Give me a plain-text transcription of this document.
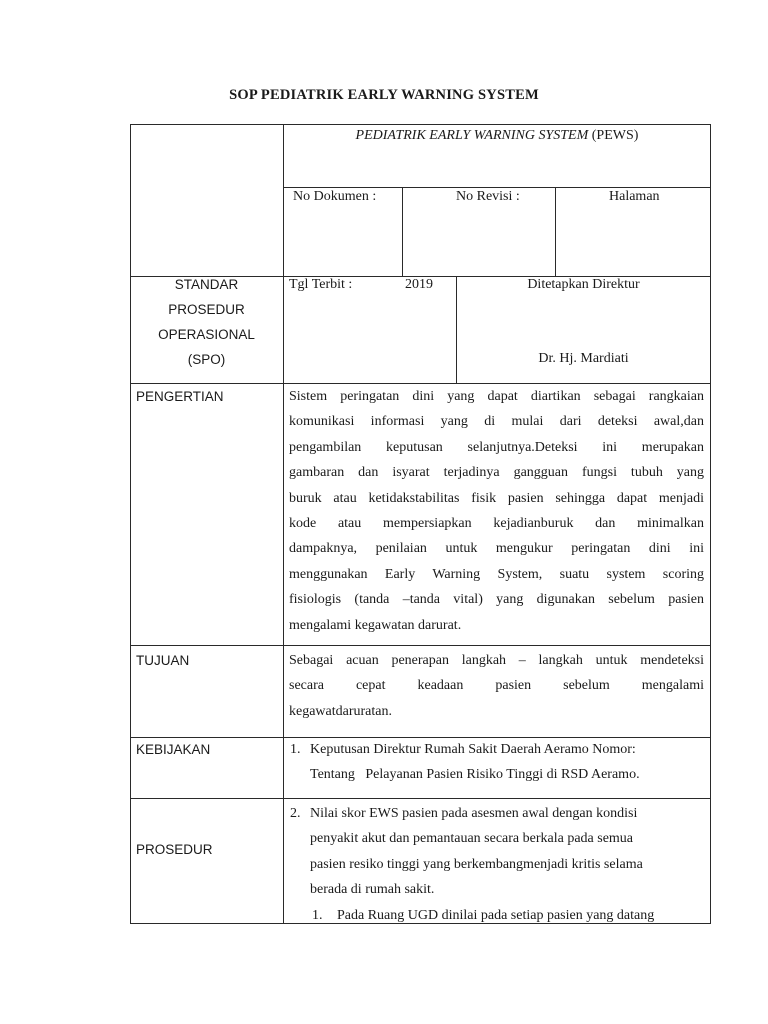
SOP PEDIATRIK EARLY WARNING SYSTEM
PEDIATRIK EARLY WARNING SYSTEM (PEWS)
No Dokumen :	No Revisi :	Halaman
STANDAR
PROSEDUR
OPERASIONAL
(SPO)
Tgl Terbit :	2019	Ditetapkan Direktur
Dr. Hj. Mardiati
PENGERTIAN	Sistem peringatan dini yang dapat diartikan sebagai rangkaian
komunikasi informasi yang di mulai dari deteksi awal,dan
pengambilan keputusan selanjutnya.Deteksi ini merupakan
gambaran dan isyarat terjadinya gangguan fungsi tubuh yang
buruk atau ketidakstabilitas fisik pasien sehingga dapat menjadi
kode atau mempersiapkan kejadianburuk dan minimalkan
dampaknya, penilaian untuk mengukur peringatan dini ini
menggunakan Early Warning System, suatu system scoring
fisiologis (tanda –tanda vital) yang digunakan sebelum pasien
mengalami kegawatan darurat.
TUJUAN	Sebagai acuan penerapan langkah – langkah untuk mendeteksi
secara cepat keadaan pasien sebelum mengalami
kegawatdaruratan.
KEBIJAKAN	1. Keputusan Direktur Rumah Sakit Daerah Aeramo Nomor:
Tentang   Pelayanan Pasien Risiko Tinggi di RSD Aeramo.
PROSEDUR
2. Nilai skor EWS pasien pada asesmen awal dengan kondisi
penyakit akut dan pemantauan secara berkala pada semua
pasien resiko tinggi yang berkembangmenjadi kritis selama
berada di rumah sakit.
1. Pada Ruang UGD dinilai pada setiap pasien yang datang
